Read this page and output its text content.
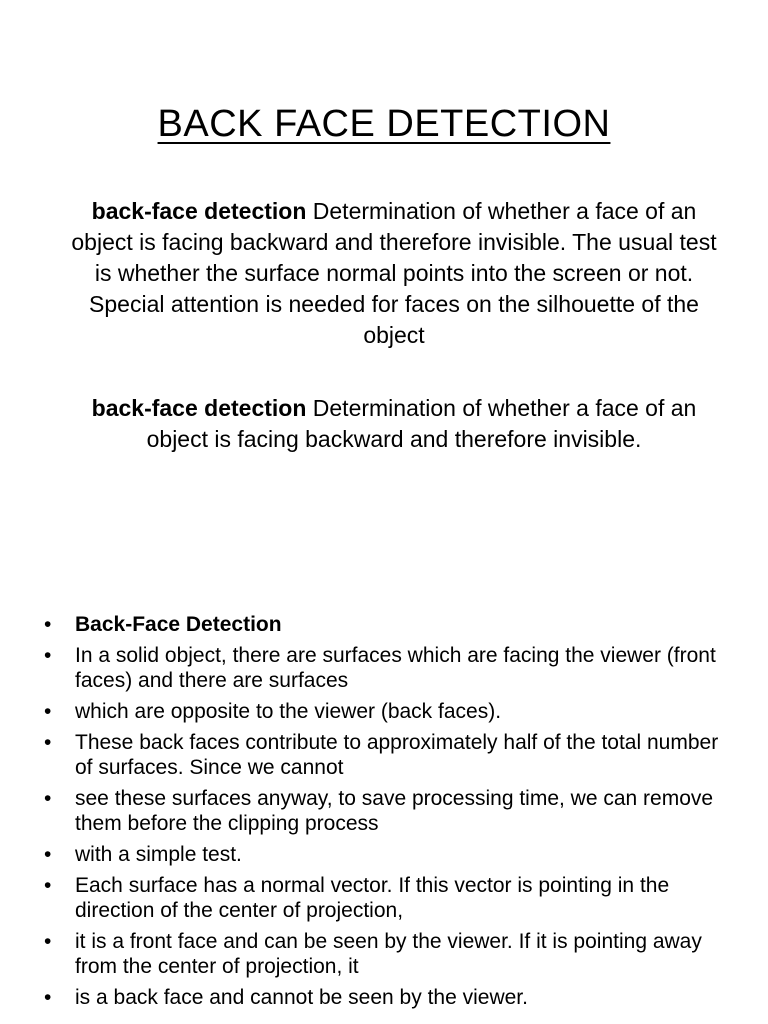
BACK FACE DETECTION

back-face detection Determination of whether a face of an object is facing backward and therefore invisible. The usual test is whether the surface normal points into the screen or not. Special attention is needed for faces on the silhouette of the object

back-face detection Determination of whether a face of an object is facing backward and therefore invisible.

• Back-Face Detection
• In a solid object, there are surfaces which are facing the viewer (front faces) and there are surfaces
• which are opposite to the viewer (back faces).
• These back faces contribute to approximately half of the total number of surfaces. Since we cannot
• see these surfaces anyway, to save processing time, we can remove them before the clipping process
• with a simple test.
• Each surface has a normal vector. If this vector is pointing in the direction of the center of projection,
• it is a front face and can be seen by the viewer. If it is pointing away from the center of projection, it
• is a back face and cannot be seen by the viewer.
